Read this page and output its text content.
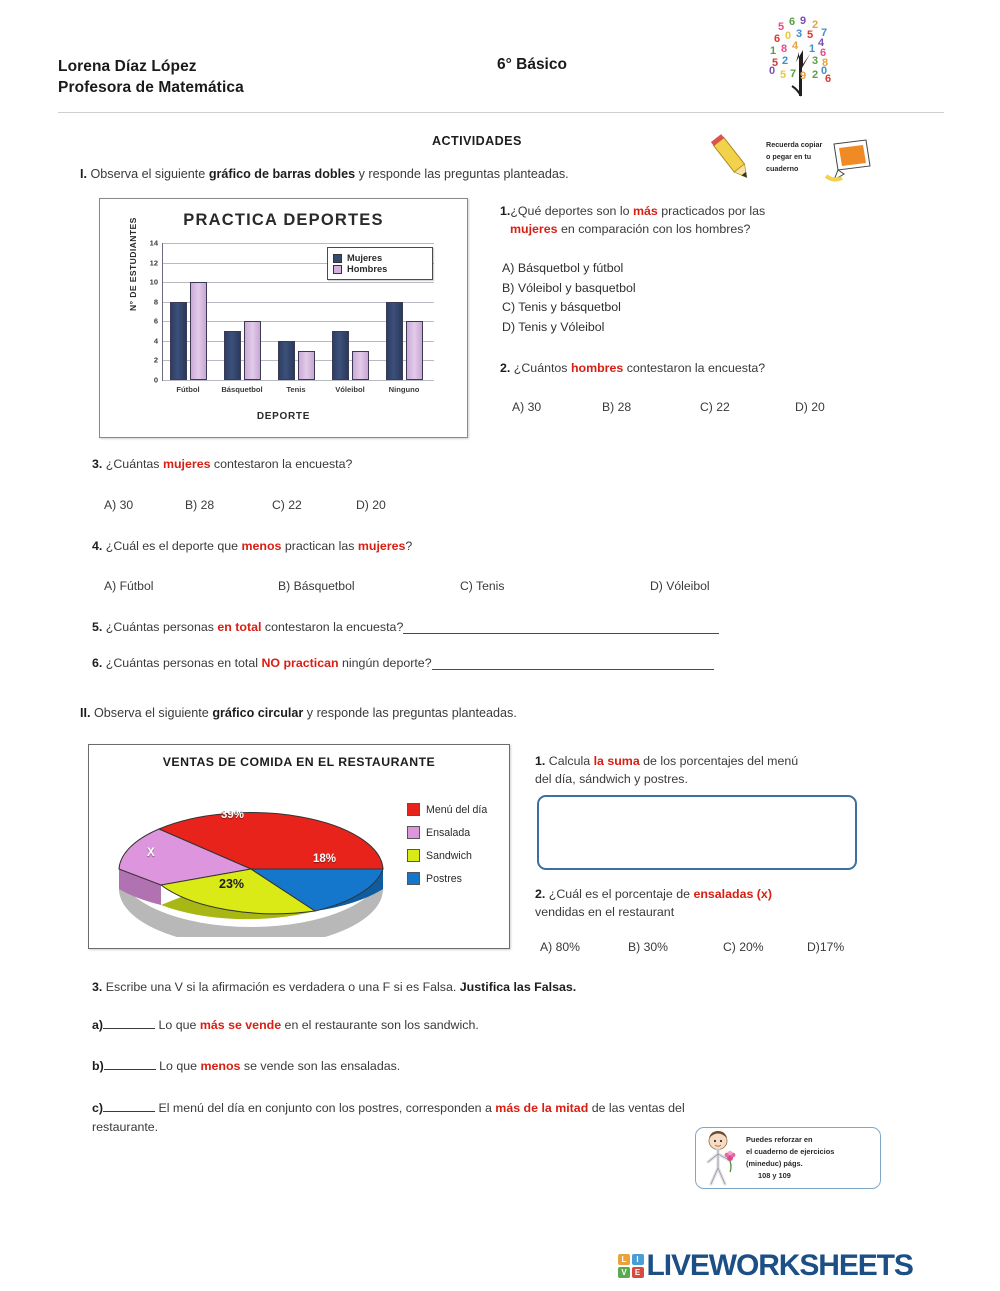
Lorena Díaz López
Profesora de Matemática
6° Básico
5 6 9 2
7
6 0 3 5
4
1 8 4 1 6
5 2 3 8
0 5 7 9 2 0
6
ACTIVIDADES	Recuerda copiar
o pegar en tu
cuaderno
I. Observa el siguiente gráfico de barras dobles y responde las preguntas planteadas.
PRACTICA DEPORTES
N° DE ESTUDIANTES 14
12
10
8
6
4
2
0
Fútbol	Básquetbol	Tenis	Vóleibol	Ninguno
Mujeres
Hombres
DEPORTE
1.¿Qué deportes son lo más practicados por las
mujeres en comparación con los hombres?
A) Básquetbol y fútbol
B) Vóleibol y basquetbol
C) Tenis y básquetbol
D) Tenis y Vóleibol
2. ¿Cuántos hombres contestaron la encuesta?
A) 30	B) 28	C) 22	D) 20
3. ¿Cuántas mujeres contestaron la encuesta?
A) 30	B) 28	C) 22	D) 20
4. ¿Cuál es el deporte que menos practican las mujeres?
A) Fútbol	B) Básquetbol	C) Tenis	D) Vóleibol
5. ¿Cuántas personas en total contestaron la encuesta?
6. ¿Cuántas personas en total NO practican ningún deporte?
II. Observa el siguiente gráfico circular y responde las preguntas planteadas.
VENTAS DE COMIDA EN EL RESTAURANTE
39%
X
23%
18%
Menú del día
Ensalada
Sandwich
Postres
1. Calcula la suma de los porcentajes del menú
del día, sándwich y postres.
2. ¿Cuál es el porcentaje de ensaladas (x)
vendidas en el restaurant
A) 80%	B) 30%	C) 20%	D)17%
3. Escribe una V si la afirmación es verdadera o una F si es Falsa. Justifica las Falsas.
a)	Lo que más se vende en el restaurante son los sandwich.
b)	Lo que menos se vende son las ensaladas.
c)	El menú del día en conjunto con los postres, corresponden a más de la mitad de las ventas del
restaurante.
Puedes reforzar en
el cuaderno de ejercicios
(mineduc) págs.
108 y 109
L	I
V	E LIVEWORKSHEETS
